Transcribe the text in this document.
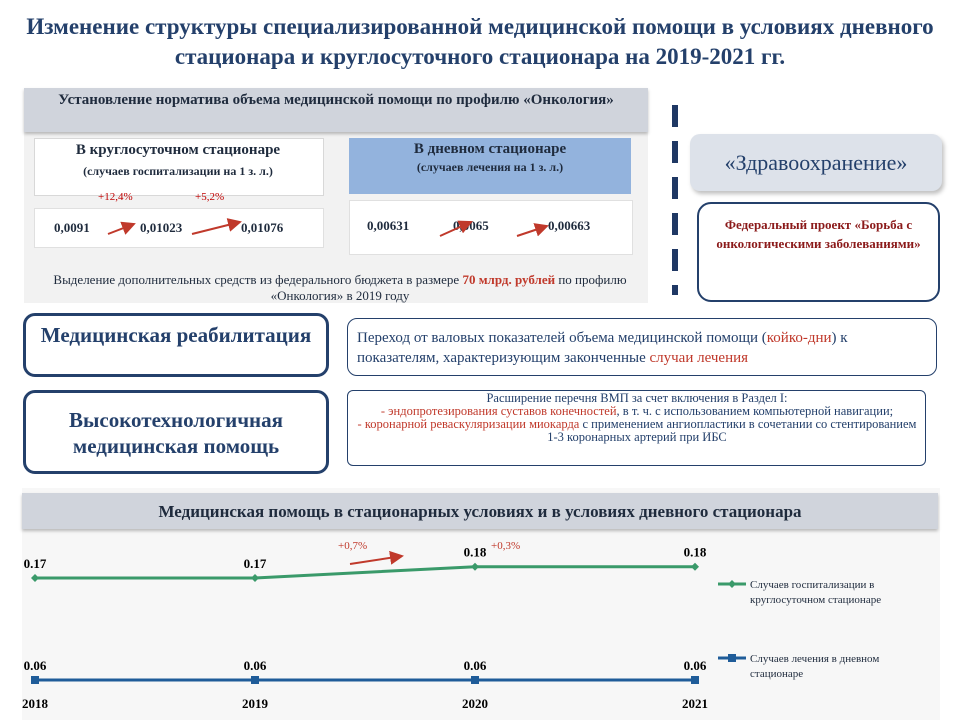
Изменение структуры специализированной медицинской помощи в условиях дневного стационара и круглосуточного стационара на 2019-2021 гг.
Установление норматива объема медицинской помощи по профилю «Онкология»
В круглосуточном стационаре
(случаев госпитализации на 1 з. л.)
+12,4%	+5,2%
0,0091	0,01023	0,01076
В дневном стационаре
(случаев лечения на 1 з. л.)
0,00631	0,0065	0,00663
Выделение дополнительных средств из федерального бюджета в размере 70 млрд. рублей по профилю «Онкология» в 2019 году
«Здравоохранение»
Федеральный проект «Борьба с онкологическими заболеваниями»
Медицинская реабилитация	Переход от валовых показателей объема медицинской помощи (койко-дни) к показателям, характеризующим законченные случаи лечения
Высокотехнологичная медицинская помощь
Расширение перечня ВМП за счет включения в Раздел I:
- эндопротезирования суставов конечностей, в т. ч. с использованием компьютерной навигации;
- коронарной реваскуляризации миокарда с применением ангиопластики в сочетании со стентированием 1-3 коронарных артерий при ИБС
Медицинская помощь в стационарных условиях и в условиях дневного стационара
2018	2019	2020	2021
0.17	0.17
0.18	0.18
Случаев госпитализации в круглосуточном стационаре
0.06	0.06	0.06	0.06	Случаев лечения в дневном стационаре
+0,7%	+0,3%
